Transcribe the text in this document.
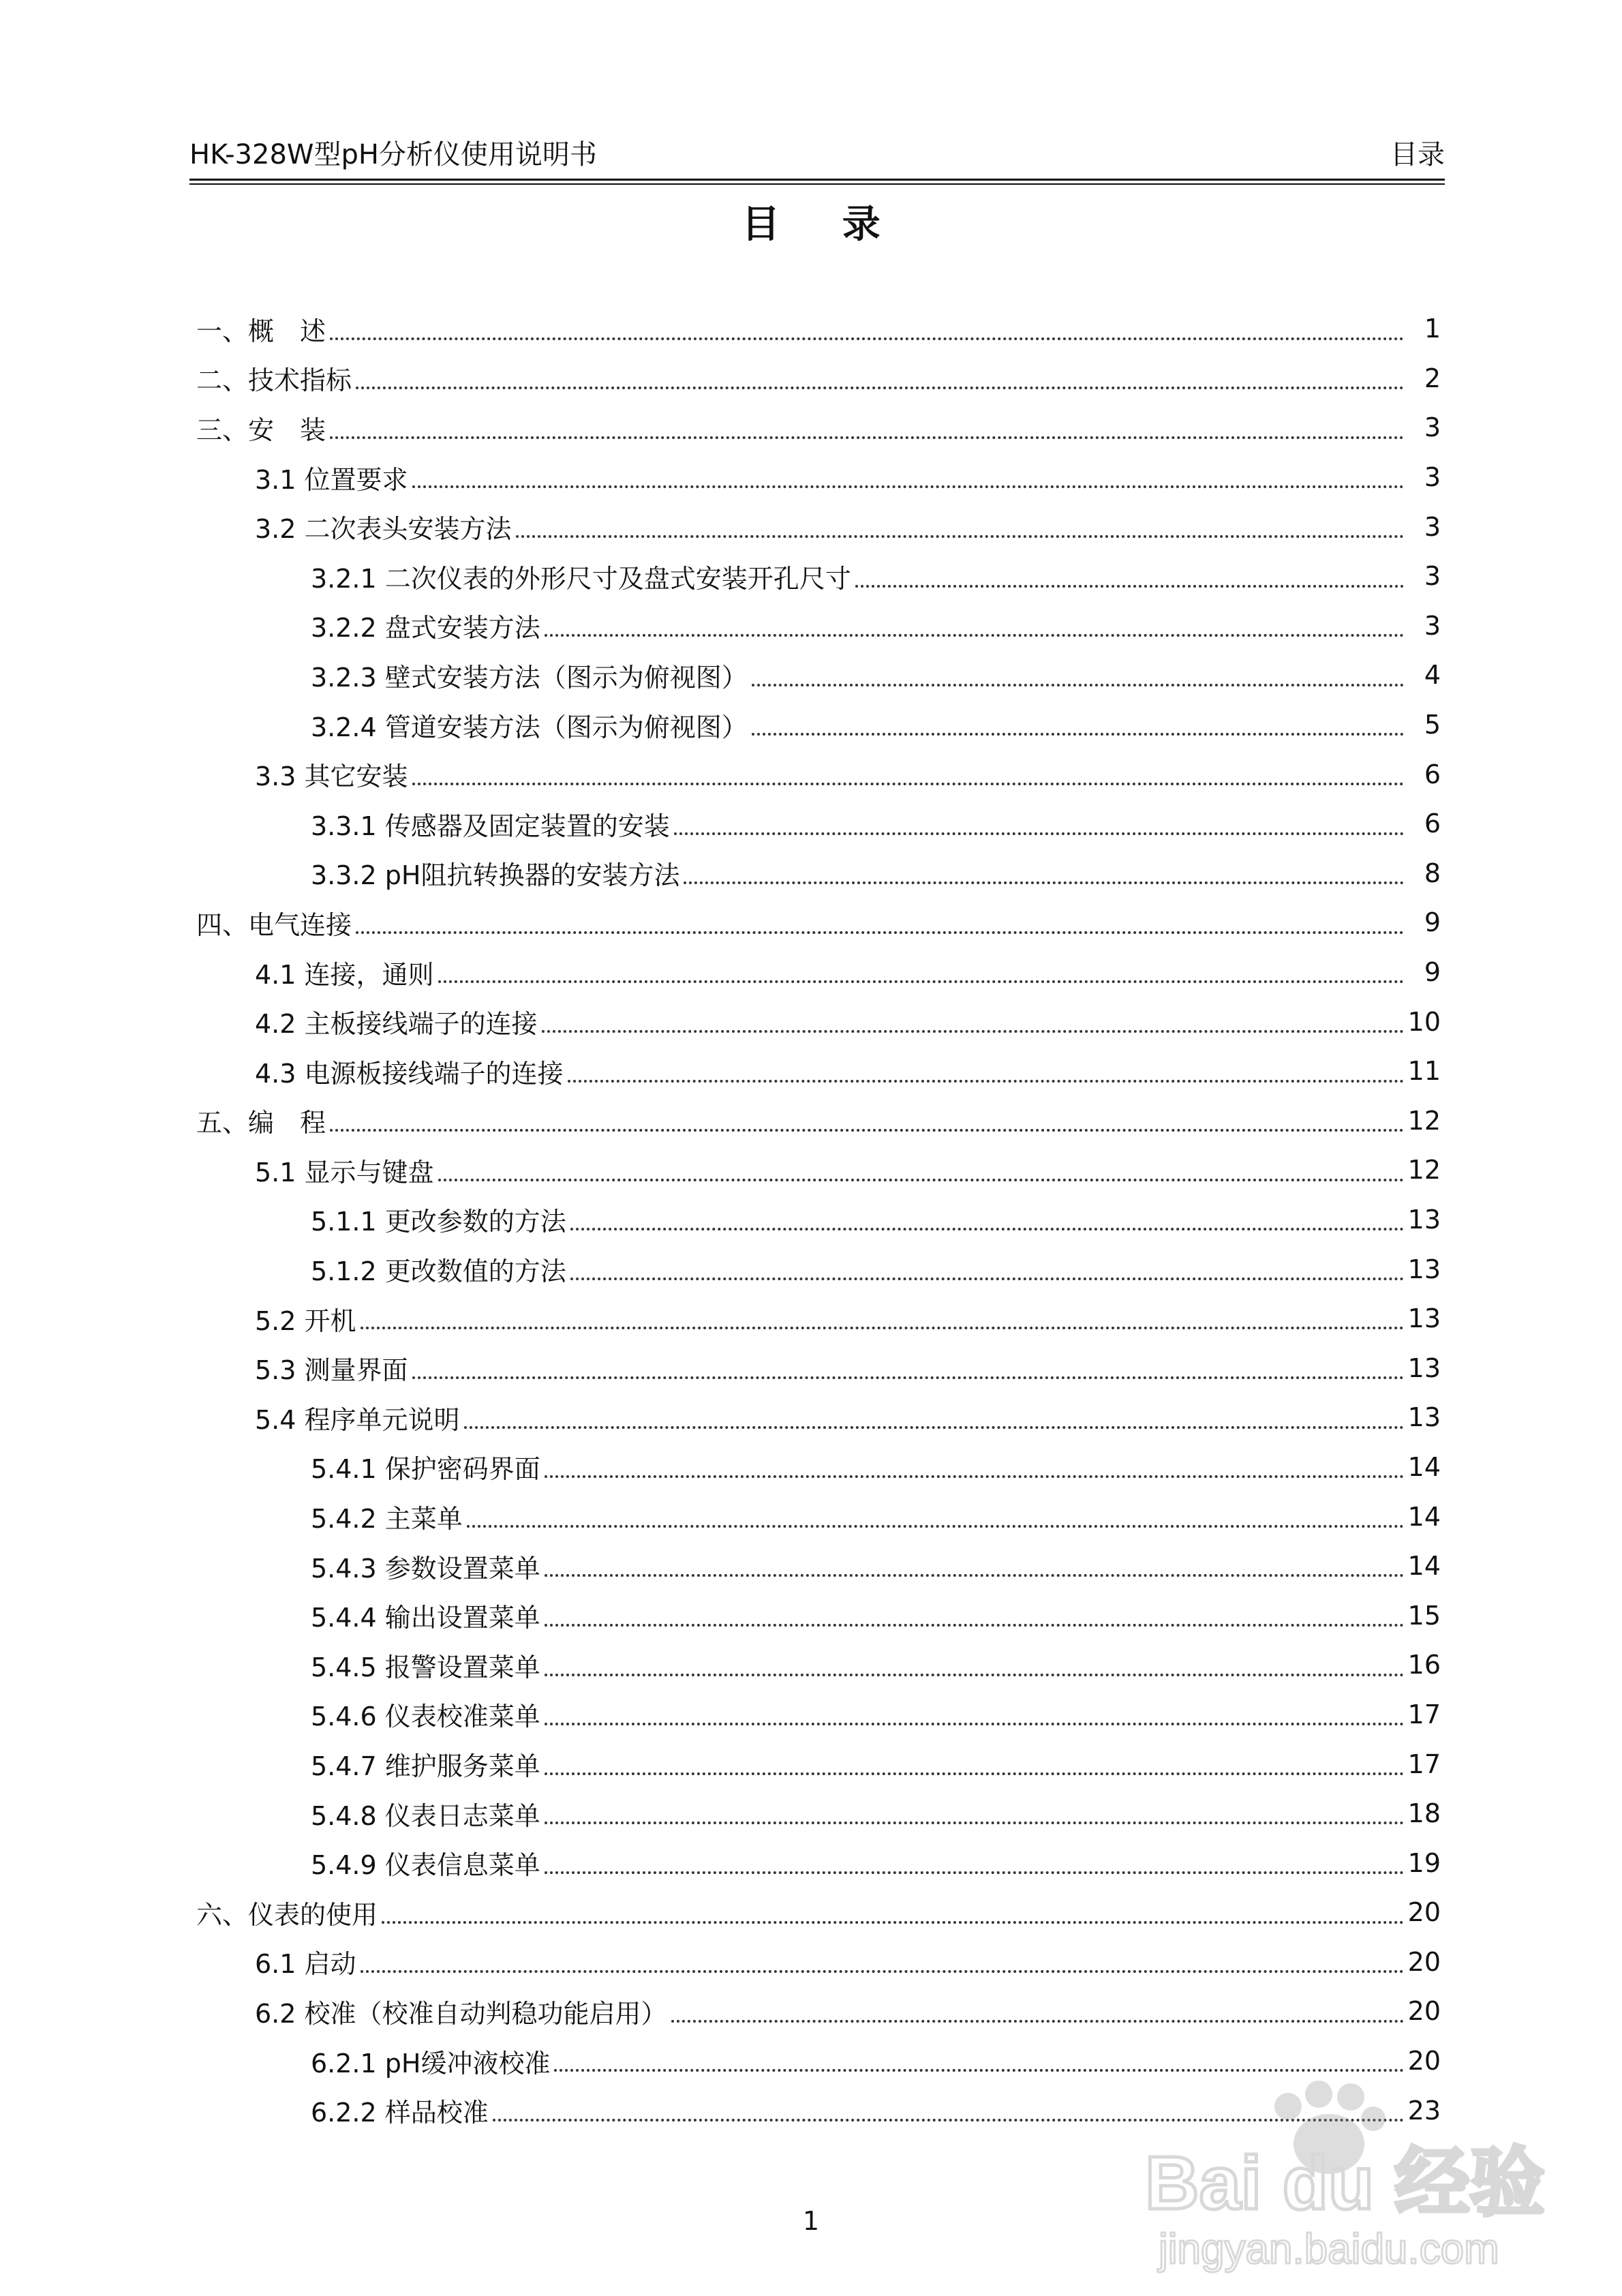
HK-328W型pH分析仪使用说明书	目录
目 录
一、概　述	1
二、技术指标	2
三、安　装	3
3.1 位置要求	3
3.2 二次表头安装方法	3
3.2.1 二次仪表的外形尺寸及盘式安装开孔尺寸	3
3.2.2 盘式安装方法	3
3.2.3 壁式安装方法（图示为俯视图）	4
3.2.4 管道安装方法（图示为俯视图）	5
3.3 其它安装	6
3.3.1 传感器及固定装置的安装	6
3.3.2 pH阻抗转换器的安装方法	8
四、电气连接	9
4.1 连接，通则	9
4.2 主板接线端子的连接	10
4.3 电源板接线端子的连接	11
五、编　程	12
5.1 显示与键盘	12
5.1.1 更改参数的方法	13
5.1.2 更改数值的方法	13
5.2 开机	13
5.3 测量界面	13
5.4 程序单元说明	13
5.4.1 保护密码界面	14
5.4.2 主菜单	14
5.4.3 参数设置菜单	14
5.4.4 输出设置菜单	15
5.4.5 报警设置菜单	16
5.4.6 仪表校准菜单	17
5.4.7 维护服务菜单	17
5.4.8 仪表日志菜单	18
5.4.9 仪表信息菜单	19
六、仪表的使用	20
6.1 启动	20
6.2 校准（校准自动判稳功能启用）	20
6.2.1 pH缓冲液校准	20
6.2.2 样品校准	23
1	Bai du 经验
jingyan.baidu.com
